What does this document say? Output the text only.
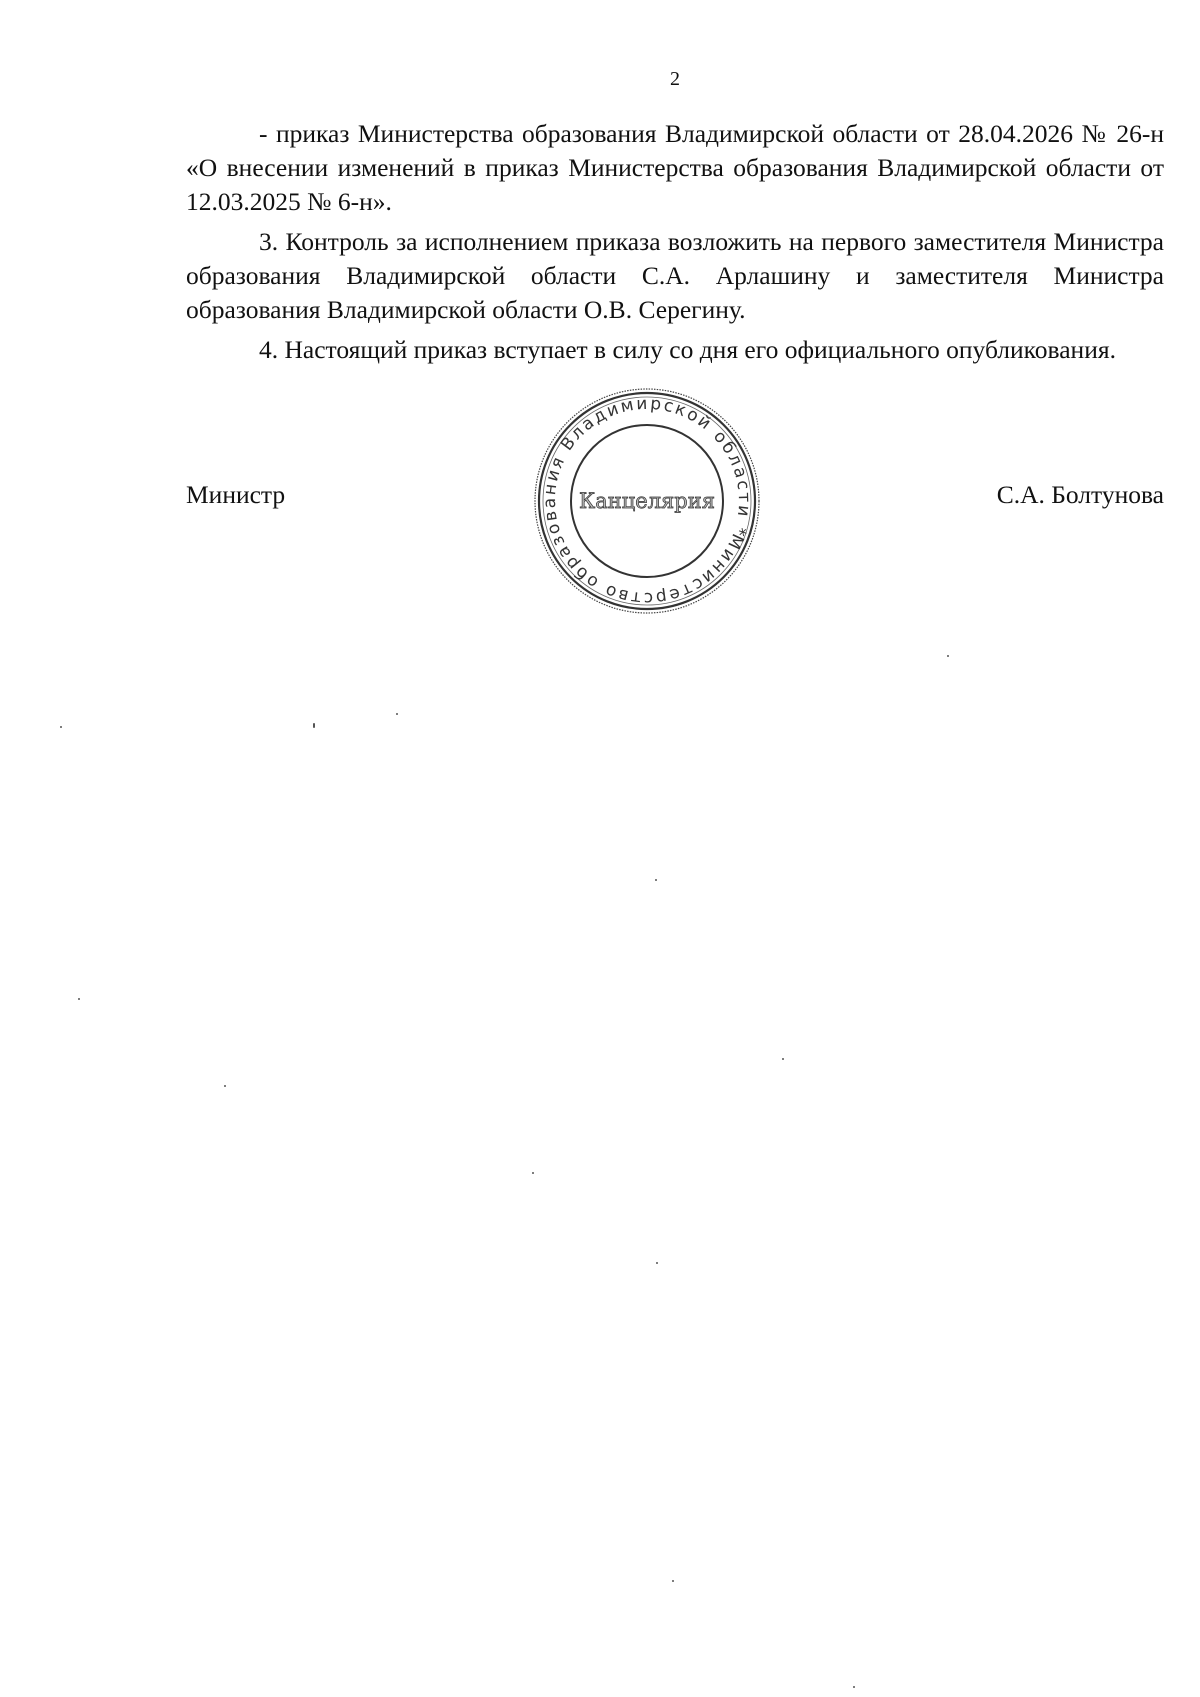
2

- приказ Министерства образования Владимирской области от 28.04.2026 № 26-н «О внесении изменений в приказ Министерства образования Владимирской области от 12.03.2025 № 6-н».

3. Контроль за исполнением приказа возложить на первого заместителя Министра образования Владимирской области С.А. Арлашину и заместителя Министра образования Владимирской области О.В. Серегину.

4. Настоящий приказ вступает в силу со дня его официального опубликования.

Министр	С.А. Болтунова
Министерство образования Владимирской области *
Канцелярия
